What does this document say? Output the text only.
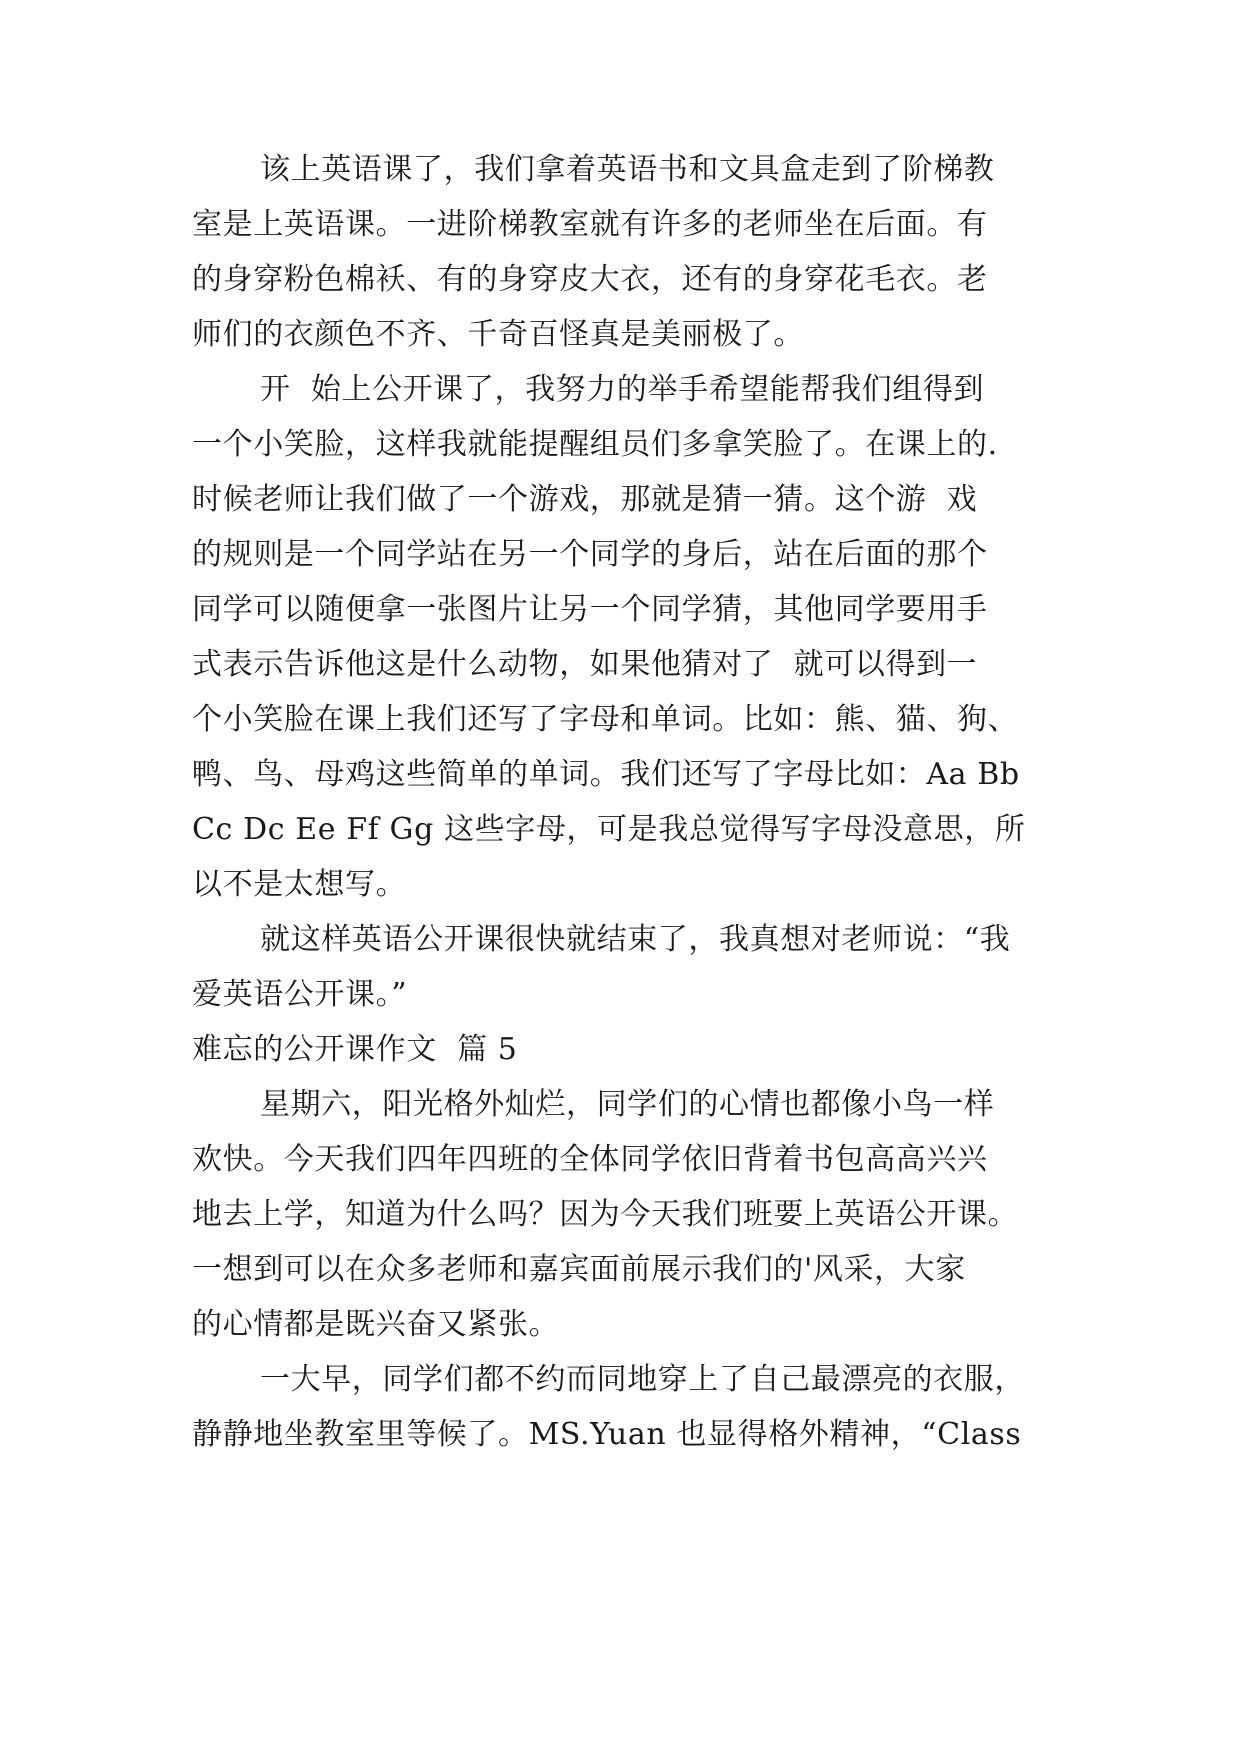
该上英语课了，我们拿着英语书和文具盒走到了阶梯教
室是上英语课。一进阶梯教室就有许多的老师坐在后面。有
的身穿粉色棉袄、有的身穿皮大衣，还有的身穿花毛衣。老
师们的衣颜色不齐、千奇百怪真是美丽极了。
开  始上公开课了，我努力的举手希望能帮我们组得到
一个小笑脸，这样我就能提醒组员们多拿笑脸了。在课上的.
时候老师让我们做了一个游戏，那就是猜一猜。这个游  戏
的规则是一个同学站在另一个同学的身后，站在后面的那个
同学可以随便拿一张图片让另一个同学猜，其他同学要用手
式表示告诉他这是什么动物，如果他猜对了  就可以得到一
个小笑脸在课上我们还写了字母和单词。比如：熊、猫、狗、
鸭、鸟、母鸡这些简单的单词。我们还写了字母比如：Aa Bb
Cc Dc Ee Ff Gg 这些字母，可是我总觉得写字母没意思，所
以不是太想写。
就这样英语公开课很快就结束了，我真想对老师说：“我
爱英语公开课。”
难忘的公开课作文  篇 5
星期六，阳光格外灿烂，同学们的心情也都像小鸟一样
欢快。今天我们四年四班的全体同学依旧背着书包高高兴兴
地去上学，知道为什么吗？因为今天我们班要上英语公开课。
一想到可以在众多老师和嘉宾面前展示我们的'风采，大家
的心情都是既兴奋又紧张。
一大早，同学们都不约而同地穿上了自己最漂亮的衣服，
静静地坐教室里等候了。MS.Yuan 也显得格外精神，“Class
